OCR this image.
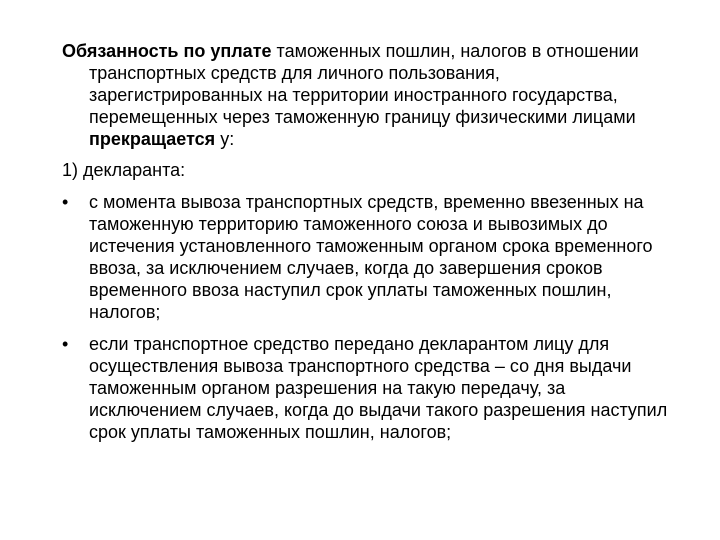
Обязанность по уплате таможенных пошлин, налогов в отношении транспортных средств для личного пользования, зарегистрированных на территории иностранного государства, перемещенных через таможенную границу физическими лицами прекращается у:

1) декларанта:

•	с момента вывоза транспортных средств, временно ввезенных на таможенную территорию таможенного союза и вывозимых до истечения установленного таможенным органом срока временного ввоза, за исключением случаев, когда до завершения сроков временного ввоза наступил срок уплаты таможенных пошлин, налогов;
•	если транспортное средство передано декларантом лицу для осуществления вывоза транспортного средства – со дня выдачи таможенным органом разрешения на такую передачу, за исключением случаев, когда до выдачи такого разрешения наступил срок уплаты таможенных пошлин, налогов;
